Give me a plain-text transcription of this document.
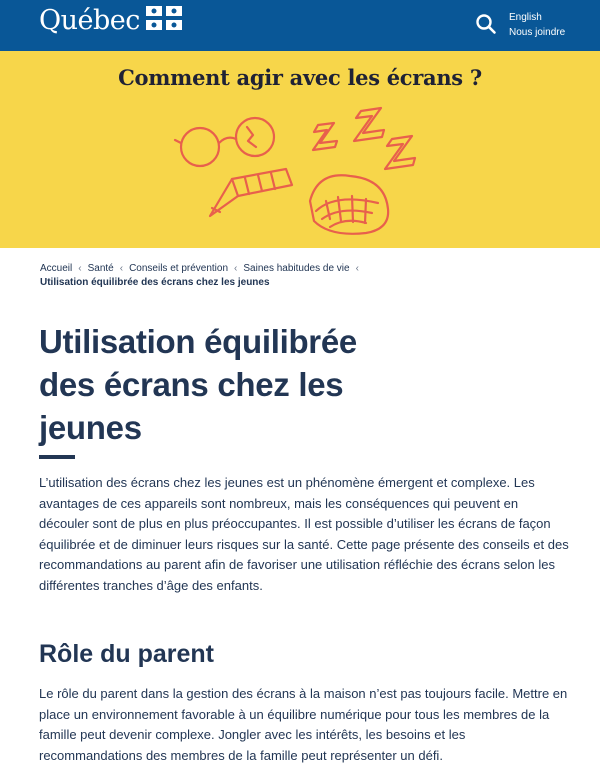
Québec	English
Nous joindre
Comment agir avec les écrans ?
Accueil ‹ Santé ‹ Conseils et prévention ‹ Saines habitudes de vie ‹
Utilisation équilibrée des écrans chez les jeunes
Utilisation équilibrée des écrans chez les jeunes

L’utilisation des écrans chez les jeunes est un phénomène émergent et complexe. Les avantages de ces appareils sont nombreux, mais les conséquences qui peuvent en découler sont de plus en plus préoccupantes. Il est possible d’utiliser les écrans de façon équilibrée et de diminuer leurs risques sur la santé. Cette page présente des conseils et des recommandations au parent afin de favoriser une utilisation réfléchie des écrans selon les différentes tranches d’âge des enfants.

Rôle du parent

Le rôle du parent dans la gestion des écrans à la maison n’est pas toujours facile. Mettre en place un environnement favorable à un équilibre numérique pour tous les membres de la famille peut devenir complexe. Jongler avec les intérêts, les besoins et les recommandations des membres de la famille peut représenter un défi.
